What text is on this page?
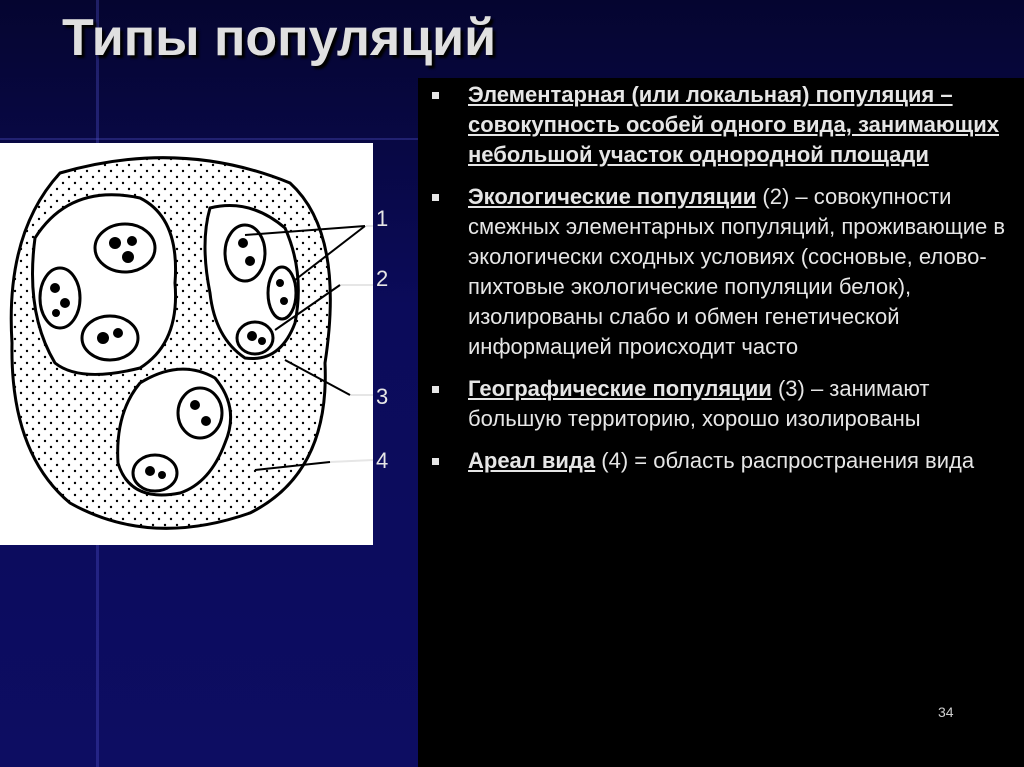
Типы популяций
1
2
3
4
Элементарная (или локальная) популяция – совокупность особей одного вида, занимающих небольшой участок однородной площади
Экологические популяции (2) – совокупности смежных элементарных популяций, проживающие в экологически сходных условиях (сосновые, елово-пихтовые экологические популяции белок), изолированы слабо и обмен генетической информацией происходит часто
Географические популяции (3) – занимают большую территорию, хорошо изолированы
Ареал вида (4) = область распространения вида
34
